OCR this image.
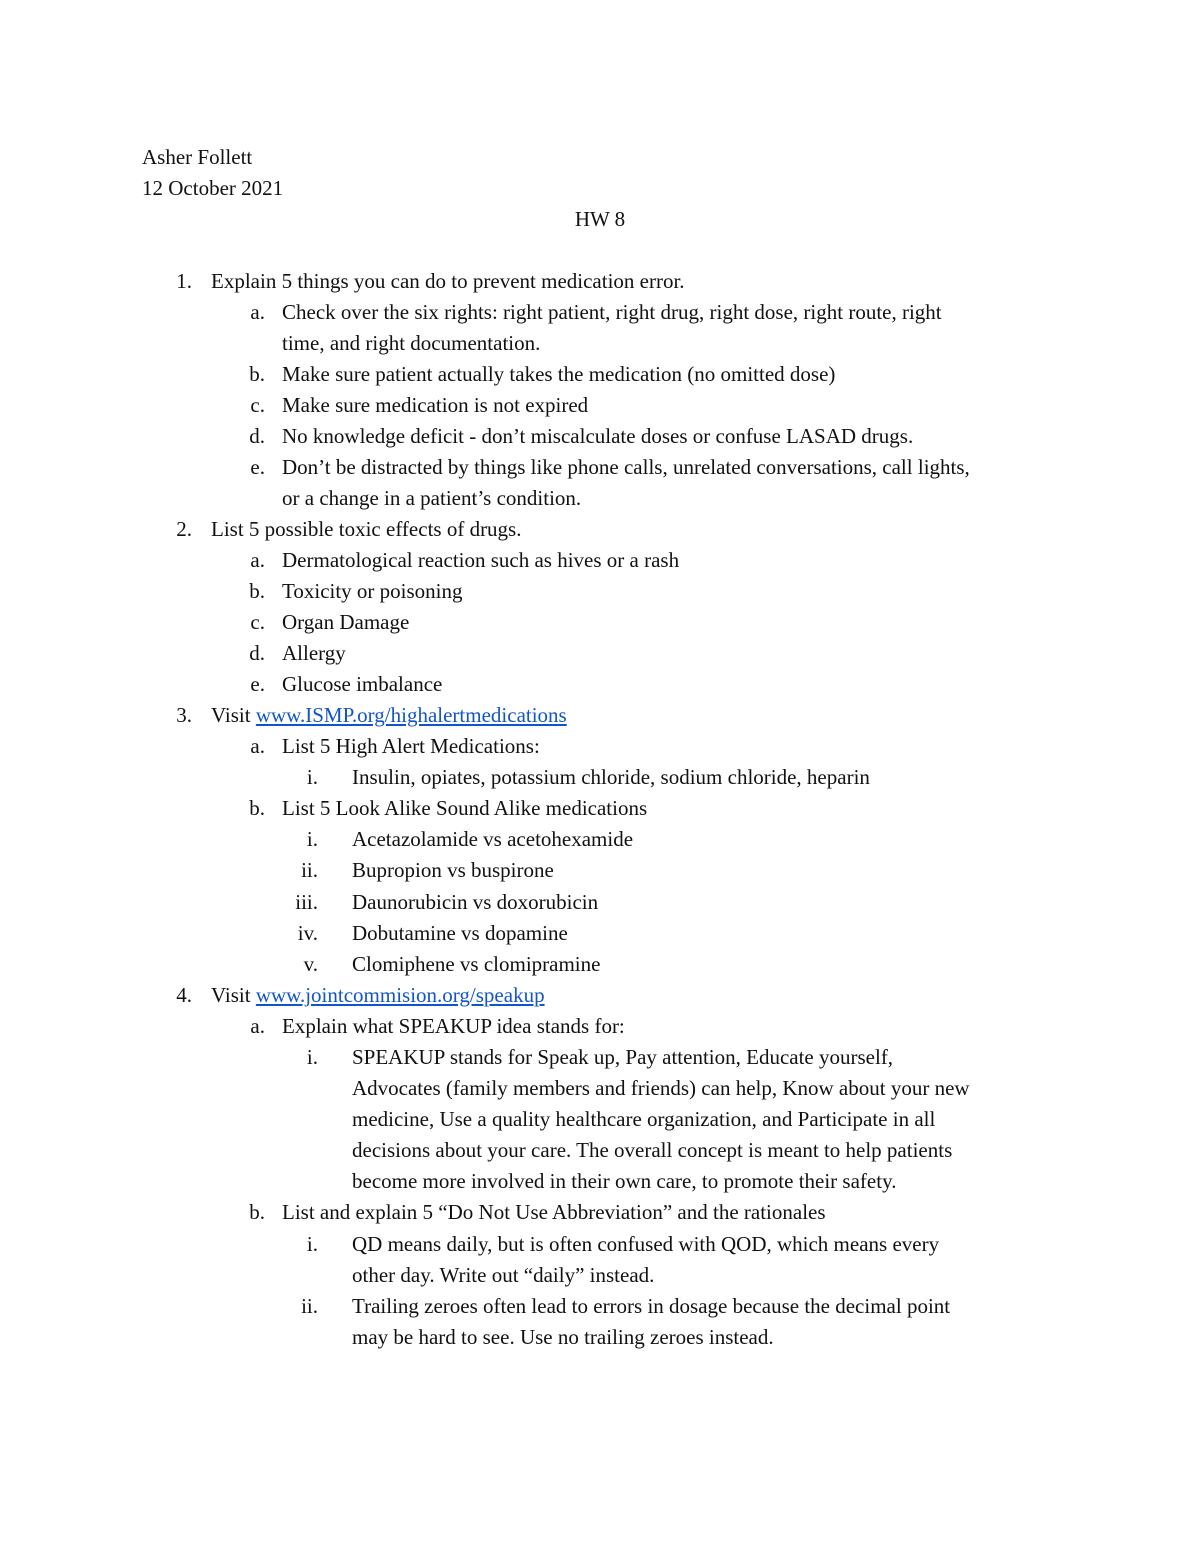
Asher Follett
12 October 2021
HW 8
1. Explain 5 things you can do to prevent medication error.
a. Check over the six rights: right patient, right drug, right dose, right route, right
time, and right documentation.
b. Make sure patient actually takes the medication (no omitted dose)
c. Make sure medication is not expired
d. No knowledge deficit - don’t miscalculate doses or confuse LASAD drugs.
e. Don’t be distracted by things like phone calls, unrelated conversations, call lights,
or a change in a patient’s condition.
2. List 5 possible toxic effects of drugs.
a. Dermatological reaction such as hives or a rash
b. Toxicity or poisoning
c. Organ Damage
d. Allergy
e. Glucose imbalance
3. Visit www.ISMP.org/highalertmedications
a. List 5 High Alert Medications:
i. Insulin, opiates, potassium chloride, sodium chloride, heparin
b. List 5 Look Alike Sound Alike medications
i. Acetazolamide vs acetohexamide
ii. Bupropion vs buspirone
iii. Daunorubicin vs doxorubicin
iv. Dobutamine vs dopamine
v. Clomiphene vs clomipramine
4. Visit www.jointcommision.org/speakup
a. Explain what SPEAKUP idea stands for:
i. SPEAKUP stands for Speak up, Pay attention, Educate yourself,
Advocates (family members and friends) can help, Know about your new
medicine, Use a quality healthcare organization, and Participate in all
decisions about your care. The overall concept is meant to help patients
become more involved in their own care, to promote their safety.
b. List and explain 5 “Do Not Use Abbreviation” and the rationales
i. QD means daily, but is often confused with QOD, which means every
other day. Write out “daily” instead.
ii. Trailing zeroes often lead to errors in dosage because the decimal point
may be hard to see. Use no trailing zeroes instead.
